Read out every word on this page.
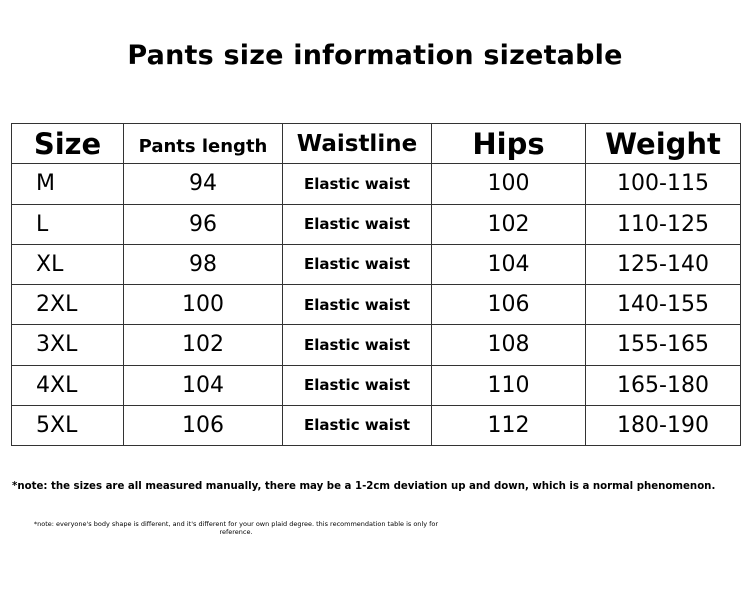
Pants size information sizetable
Size	Pants length	Waistline	Hips	Weight
M	94	Elastic waist	100	100-115
L	96	Elastic waist	102	110-125
XL	98	Elastic waist	104	125-140
2XL	100	Elastic waist	106	140-155
3XL	102	Elastic waist	108	155-165
4XL	104	Elastic waist	110	165-180
5XL	106	Elastic waist	112	180-190
*note: the sizes are all measured manually, there may be a 1-2cm deviation up and down, which is a normal phenomenon.
*note: everyone's body shape is different, and it's different for your own plaid degree. this recommendation table is only for reference.
